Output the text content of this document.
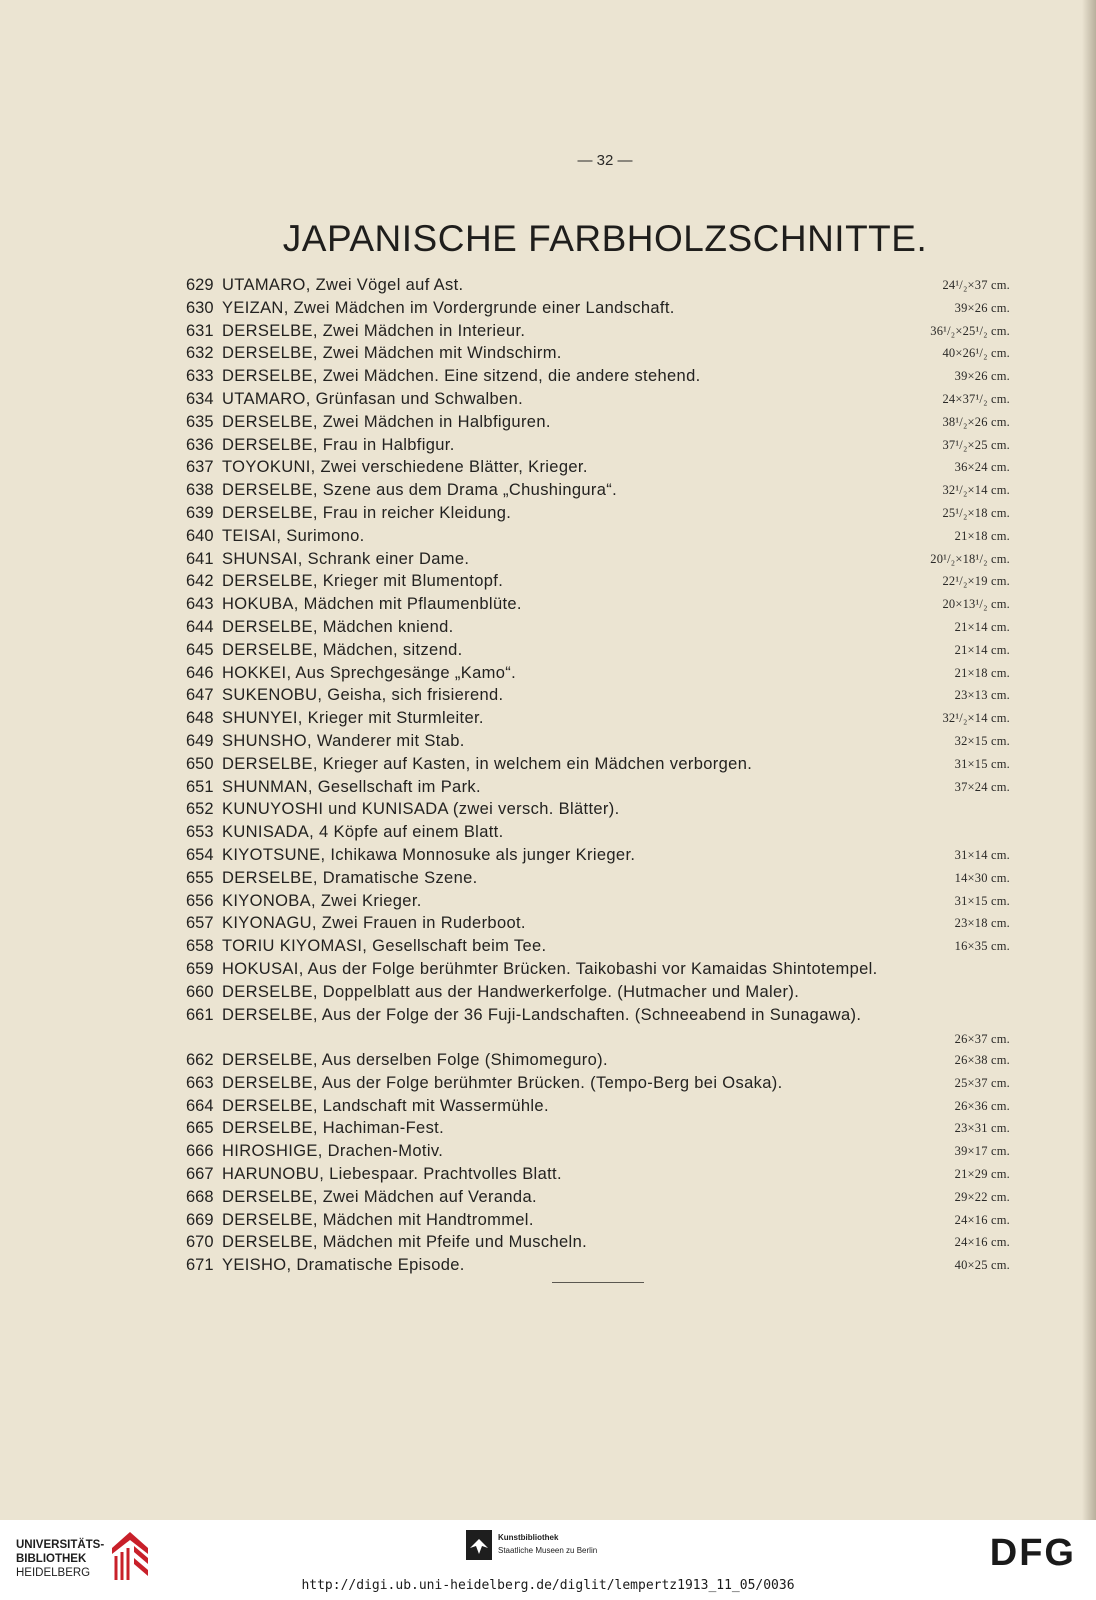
— 32 —
JAPANISCHE FARBHOLZSCHNITTE.
629 UTAMARO, Zwei Vögel auf Ast.	24¹/₂×37 cm.
630 YEIZAN, Zwei Mädchen im Vordergrunde einer Landschaft.	39×26 cm.
631 DERSELBE, Zwei Mädchen in Interieur.	36¹/₂×25¹/₂ cm.
632 DERSELBE, Zwei Mädchen mit Windschirm.	40×26¹/₂ cm.
633 DERSELBE, Zwei Mädchen. Eine sitzend, die andere stehend.	39×26 cm.
634 UTAMARO, Grünfasan und Schwalben.	24×37¹/₂ cm.
635 DERSELBE, Zwei Mädchen in Halbfiguren.	38¹/₂×26 cm.
636 DERSELBE, Frau in Halbfigur.	37¹/₂×25 cm.
637 TOYOKUNI, Zwei verschiedene Blätter, Krieger.	36×24 cm.
638 DERSELBE, Szene aus dem Drama „Chushingura“.	32¹/₂×14 cm.
639 DERSELBE, Frau in reicher Kleidung.	25¹/₂×18 cm.
640 TEISAI, Surimono.	21×18 cm.
641 SHUNSAI, Schrank einer Dame.	20¹/₂×18¹/₂ cm.
642 DERSELBE, Krieger mit Blumentopf.	22¹/₂×19 cm.
643 HOKUBA, Mädchen mit Pflaumenblüte.	20×13¹/₂ cm.
644 DERSELBE, Mädchen kniend.	21×14 cm.
645 DERSELBE, Mädchen, sitzend.	21×14 cm.
646 HOKKEI, Aus Sprechgesänge „Kamo“.	21×18 cm.
647 SUKENOBU, Geisha, sich frisierend.	23×13 cm.
648 SHUNYEI, Krieger mit Sturmleiter.	32¹/₂×14 cm.
649 SHUNSHO, Wanderer mit Stab.	32×15 cm.
650 DERSELBE, Krieger auf Kasten, in welchem ein Mädchen verborgen.	31×15 cm.
651 SHUNMAN, Gesellschaft im Park.	37×24 cm.
652 KUNUYOSHI und KUNISADA (zwei versch. Blätter).
653 KUNISADA, 4 Köpfe auf einem Blatt.
654 KIYOTSUNE, Ichikawa Monnosuke als junger Krieger.	31×14 cm.
655 DERSELBE, Dramatische Szene.	14×30 cm.
656 KIYONOBA, Zwei Krieger.	31×15 cm.
657 KIYONAGU, Zwei Frauen in Ruderboot.	23×18 cm.
658 TORIU KIYOMASI, Gesellschaft beim Tee.	16×35 cm.
659 HOKUSAI, Aus der Folge berühmter Brücken. Taikobashi vor Kamaidas Shintotempel.
660 DERSELBE, Doppelblatt aus der Handwerkerfolge. (Hutmacher und Maler).
661 DERSELBE, Aus der Folge der 36 Fuji-Landschaften. (Schneeabend in Sunagawa).
26×37 cm.
662 DERSELBE, Aus derselben Folge (Shimomeguro).	26×38 cm.
663 DERSELBE, Aus der Folge berühmter Brücken. (Tempo-Berg bei Osaka).	25×37 cm.
664 DERSELBE, Landschaft mit Wassermühle.	26×36 cm.
665 DERSELBE, Hachiman-Fest.	23×31 cm.
666 HIROSHIGE, Drachen-Motiv.	39×17 cm.
667 HARUNOBU, Liebespaar. Prachtvolles Blatt.	21×29 cm.
668 DERSELBE, Zwei Mädchen auf Veranda.	29×22 cm.
669 DERSELBE, Mädchen mit Handtrommel.	24×16 cm.
670 DERSELBE, Mädchen mit Pfeife und Muscheln.	24×16 cm.
671 YEISHO, Dramatische Episode.	40×25 cm.
UNIVERSITÄTS-
BIBLIOTHEK
HEIDELBERG
Kunstbibliothek
Staatliche Museen zu Berlin	DFG
http://digi.ub.uni-heidelberg.de/diglit/lempertz1913_11_05/0036
